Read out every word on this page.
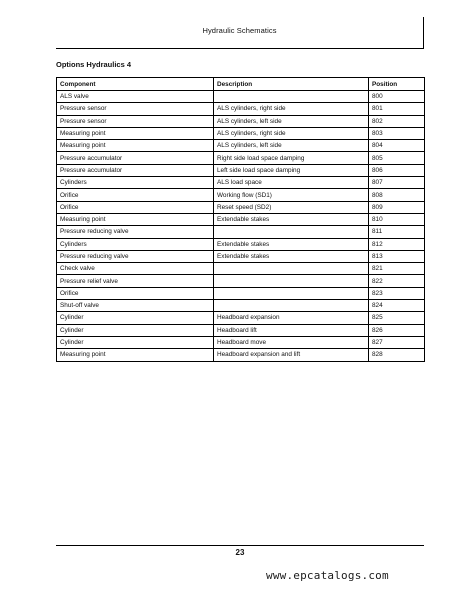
Hydraulic Schematics
Options Hydraulics 4
Component	Description	Position
ALS valve		800
Pressure sensor	ALS cylinders, right side	801
Pressure sensor	ALS cylinders, left side	802
Measuring point	ALS cylinders, right side	803
Measuring point	ALS cylinders, left side	804
Pressure accumulator	Right side load space damping	805
Pressure accumulator	Left side load space damping	806
Cylinders	ALS load space	807
Orifice	Working flow (SD1)	808
Orifice	Reset speed (SD2)	809
Measuring point	Extendable stakes	810
Pressure reducing valve		811
Cylinders	Extendable stakes	812
Pressure reducing valve	Extendable stakes	813
Check valve		821
Pressure relief valve		822
Orifice		823
Shut-off valve		824
Cylinder	Headboard expansion	825
Cylinder	Headboard lift	826
Cylinder	Headboard move	827
Measuring point	Headboard expansion and lift	828
23
www.epcatalogs.com
